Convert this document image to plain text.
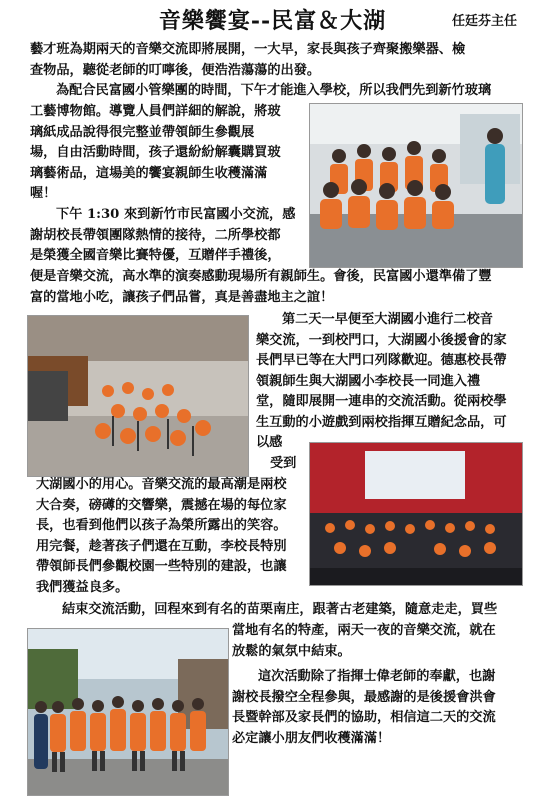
音樂饗宴--民富＆大湖	任廷芬主任
藝才班為期兩天的音樂交流即將展開，一大早，家長與孩子齊聚搬樂器、檢
查物品，聽從老師的叮嚀後，便浩浩蕩蕩的出發。
為配合民富國小管樂團的時間，下午才能進入學校，所以我們先到新竹玻璃
工藝博物館。導覽人員們詳細的解說，將玻
璃紙成品說得很完整並帶領師生參觀展
場，自由活動時間，孩子還紛紛解囊購買玻
璃藝術品，這場美的饗宴親師生收穫滿滿
喔！
下午 1:30 來到新竹市民富國小交流，感
謝胡校長帶領團隊熱情的接待，二所學校都
是榮獲全國音樂比賽特優，互贈伴手禮後，
便是音樂交流，高水準的演奏感動現場所有親師生。會後，民富國小還準備了豐
富的當地小吃，讓孩子們品嘗，真是善盡地主之誼！
第二天一早便至大湖國小進行二校音
樂交流，一到校門口，大湖國小後援會的家
長們早已等在大門口列隊歡迎。德惠校長帶
領親師生與大湖國小李校長一同進入禮
堂，隨即展開一連串的交流活動。從兩校學
生互動的小遊戲到兩校指揮互贈紀念品，可
以感
受到
大湖國小的用心。音樂交流的最高潮是兩校
大合奏，磅礡的交響樂，震撼在場的每位家
長，也看到他們以孩子為榮所露出的笑容。
用完餐，趁著孩子們還在互動，李校長特別
帶領師長們參觀校園一些特別的建設，也讓
我們獲益良多。
結束交流活動，回程來到有名的苗栗南庄，跟著古老建築，隨意走走，買些
當地有名的特產，兩天一夜的音樂交流，就在
放鬆的氣氛中結束。
這次活動除了指揮士偉老師的奉獻，也謝
謝校長撥空全程參與，最感謝的是後援會洪會
長暨幹部及家長們的協助，相信這二天的交流
必定讓小朋友們收穫滿滿！
